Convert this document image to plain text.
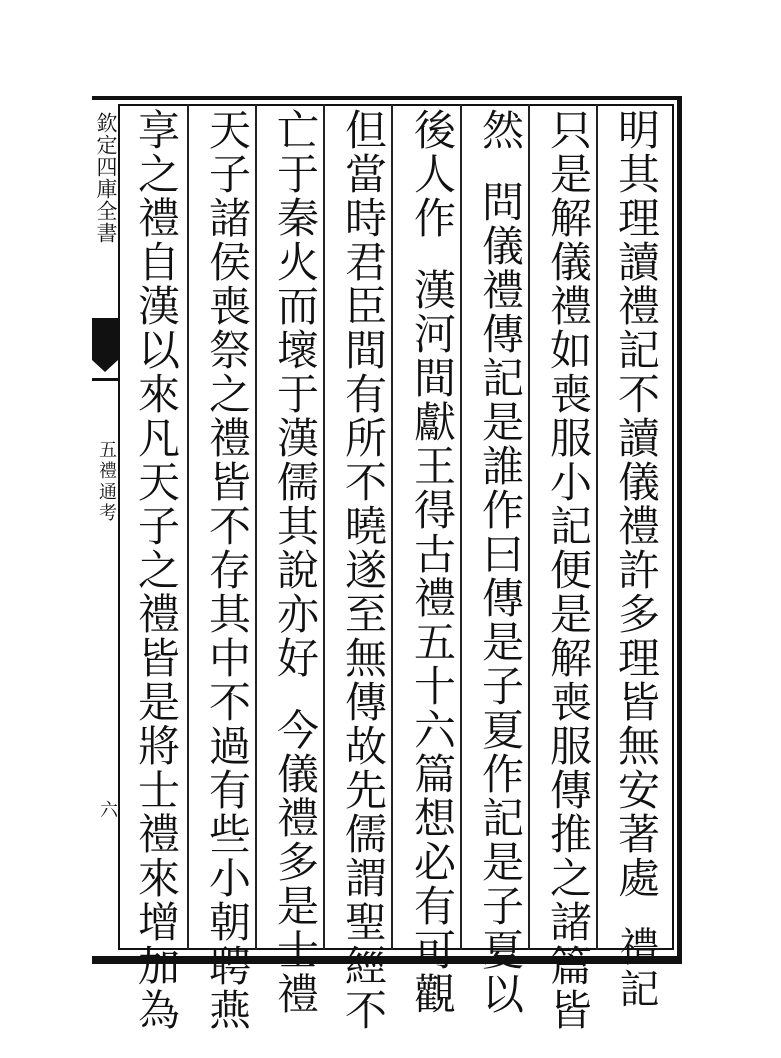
欽定四庫全書
五禮通考
六	明其理讀禮記不讀儀禮許多理皆無安著處
禮記
只是解儀禮如喪服小記便是解喪服傳推之諸篇皆
然
問儀禮傳記是誰作曰傳是子夏作記是子夏以
後人作
漢河間獻王得古禮五十六篇想必有可觀
但當時君臣間有所不曉遂至無傳故先儒謂聖經不
亡于秦火而壞于漢儒其說亦好
今儀禮多是士禮
天子諸侯喪祭之禮皆不存其中不過有些小朝聘燕
享之禮自漢以來凡天子之禮皆是將士禮來增加為
